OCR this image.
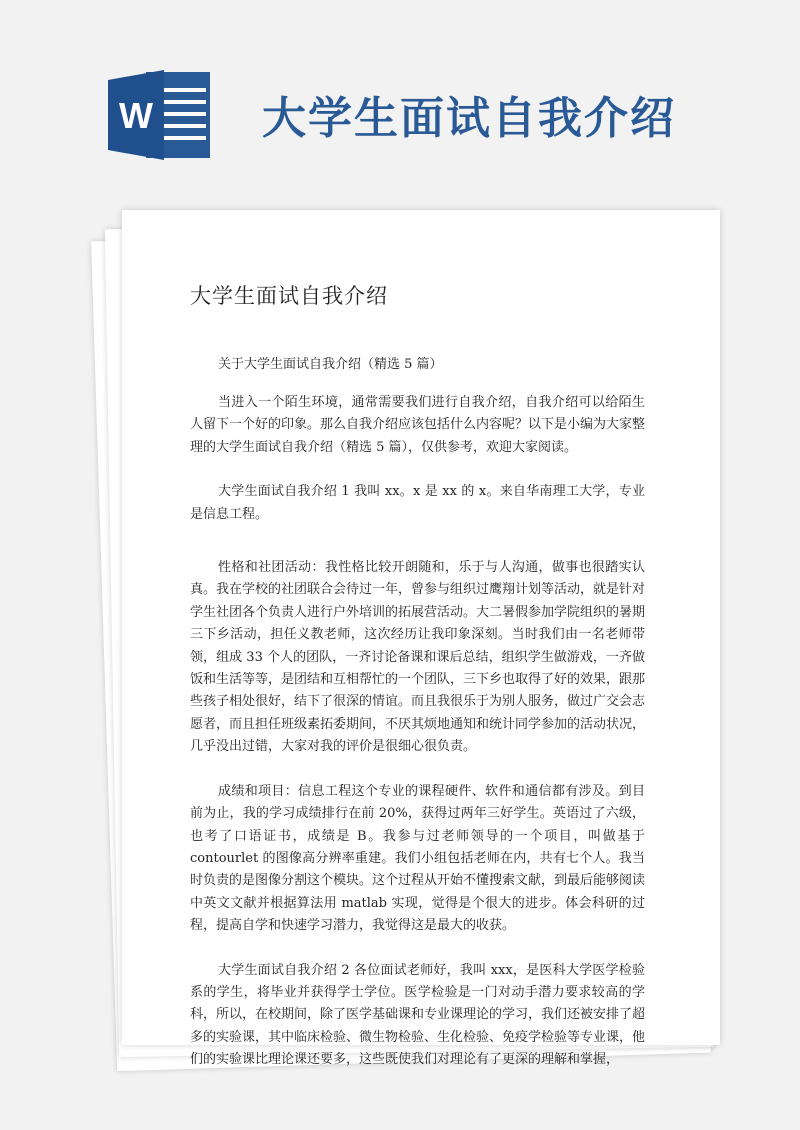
W 大学生面试自我介绍
大学生面试自我介绍
关于大学生面试自我介绍（精选 5 篇）

当进入一个陌生环境，通常需要我们进行自我介绍，自我介绍可以给陌生人留下一个好的印象。那么自我介绍应该包括什么内容呢？以下是小编为大家整理的大学生面试自我介绍（精选 5 篇），仅供参考，欢迎大家阅读。

大学生面试自我介绍 1 我叫 xx。x 是 xx 的 x。来自华南理工大学，专业是信息工程。

性格和社团活动：我性格比较开朗随和，乐于与人沟通，做事也很踏实认真。我在学校的社团联合会待过一年，曾参与组织过鹰翔计划等活动，就是针对学生社团各个负责人进行户外培训的拓展营活动。大二暑假参加学院组织的暑期三下乡活动，担任义教老师，这次经历让我印象深刻。当时我们由一名老师带领，组成 33 个人的团队，一齐讨论备课和课后总结，组织学生做游戏，一齐做饭和生活等等，是团结和互相帮忙的一个团队，三下乡也取得了好的效果，跟那些孩子相处很好，结下了很深的情谊。而且我很乐于为别人服务，做过广交会志愿者，而且担任班级素拓委期间，不厌其烦地通知和统计同学参加的活动状况，几乎没出过错，大家对我的评价是很细心很负责。

成绩和项目：信息工程这个专业的课程硬件、软件和通信都有涉及。到目前为止，我的学习成绩排行在前 20%，获得过两年三好学生。英语过了六级，也考了口语证书，成绩是 B。我参与过老师领导的一个项目，叫做基于 contourlet 的图像高分辨率重建。我们小组包括老师在内，共有七个人。我当时负责的是图像分割这个模块。这个过程从开始不懂搜索文献，到最后能够阅读中英文文献并根据算法用 matlab 实现，觉得是个很大的进步。体会科研的过程，提高自学和快速学习潜力，我觉得这是最大的收获。

大学生面试自我介绍 2 各位面试老师好，我叫 xxx，是医科大学医学检验系的学生，将毕业并获得学士学位。医学检验是一门对动手潜力要求较高的学科，所以，在校期间，除了医学基础课和专业课理论的学习，我们还被安排了超多的实验课，其中临床检验、微生物检验、生化检验、免疫学检验等专业课，他们的实验课比理论课还要多，这些既使我们对理论有了更深的理解和掌握，
